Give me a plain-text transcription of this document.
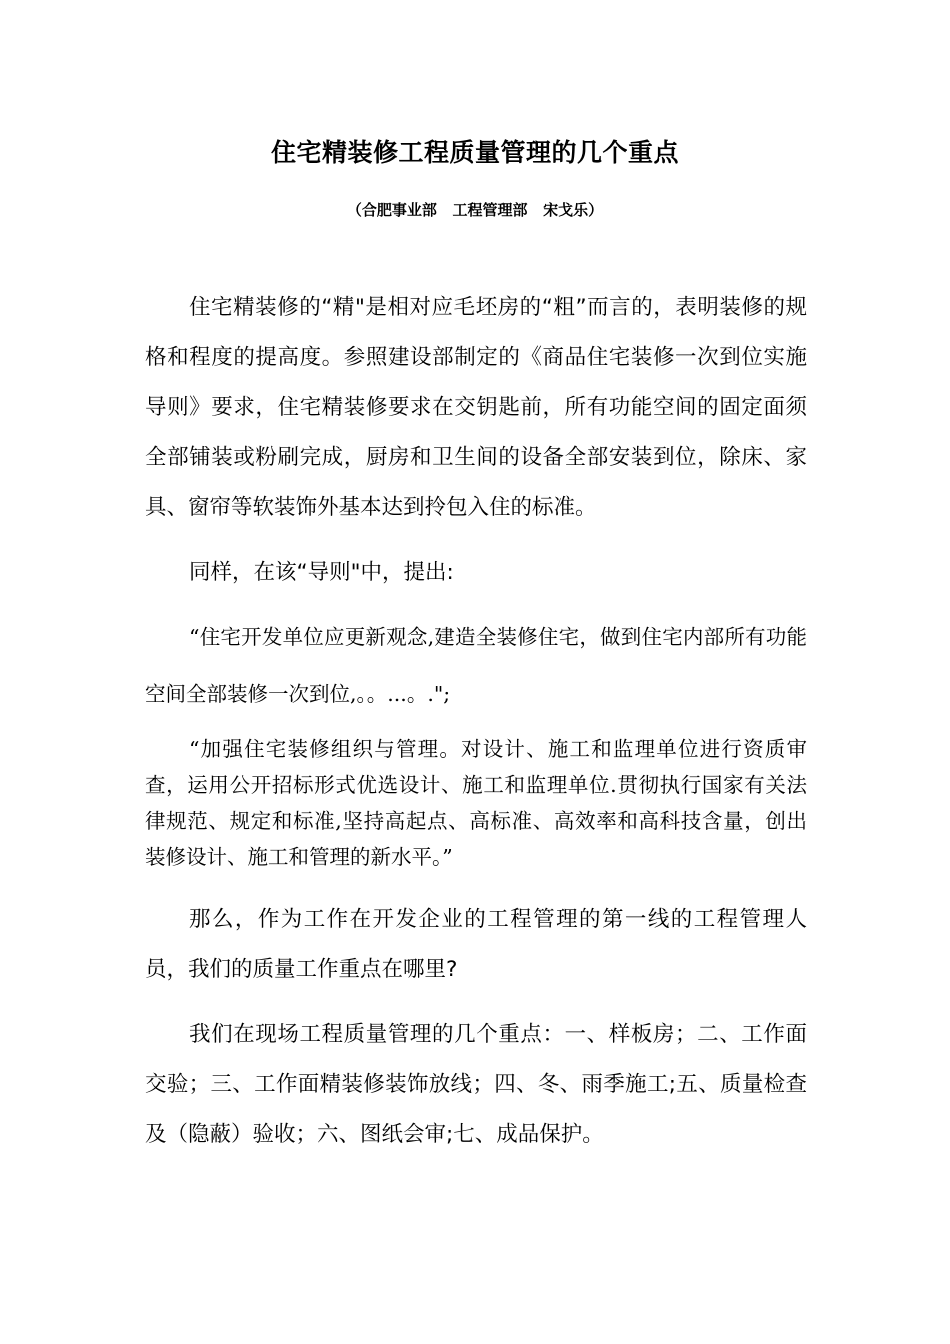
住宅精装修工程质量管理的几个重点

（合肥事业部   工程管理部   宋戈乐）

住宅精装修的“精"是相对应毛坯房的“粗”而言的，表明装修的规格和程度的提高度。参照建设部制定的《商品住宅装修一次到位实施导则》要求，住宅精装修要求在交钥匙前，所有功能空间的固定面须全部铺装或粉刷完成，厨房和卫生间的设备全部安装到位，除床、家具、窗帘等软装饰外基本达到拎包入住的标准。

同样，在该“导则"中，提出:

“住宅开发单位应更新观念,建造全装修住宅，做到住宅内部所有功能空间全部装修一次到位,。。...。.";

“加强住宅装修组织与管理。对设计、施工和监理单位进行资质审查，运用公开招标形式优选设计、施工和监理单位.贯彻执行国家有关法律规范、规定和标准,坚持高起点、高标准、高效率和高科技含量，创出装修设计、施工和管理的新水平。”

那么，作为工作在开发企业的工程管理的第一线的工程管理人员，我们的质量工作重点在哪里?

我们在现场工程质量管理的几个重点：一、样板房；二、工作面交验；三、工作面精装修装饰放线；四、冬、雨季施工;五、质量检查及（隐蔽）验收；六、图纸会审;七、成品保护。
